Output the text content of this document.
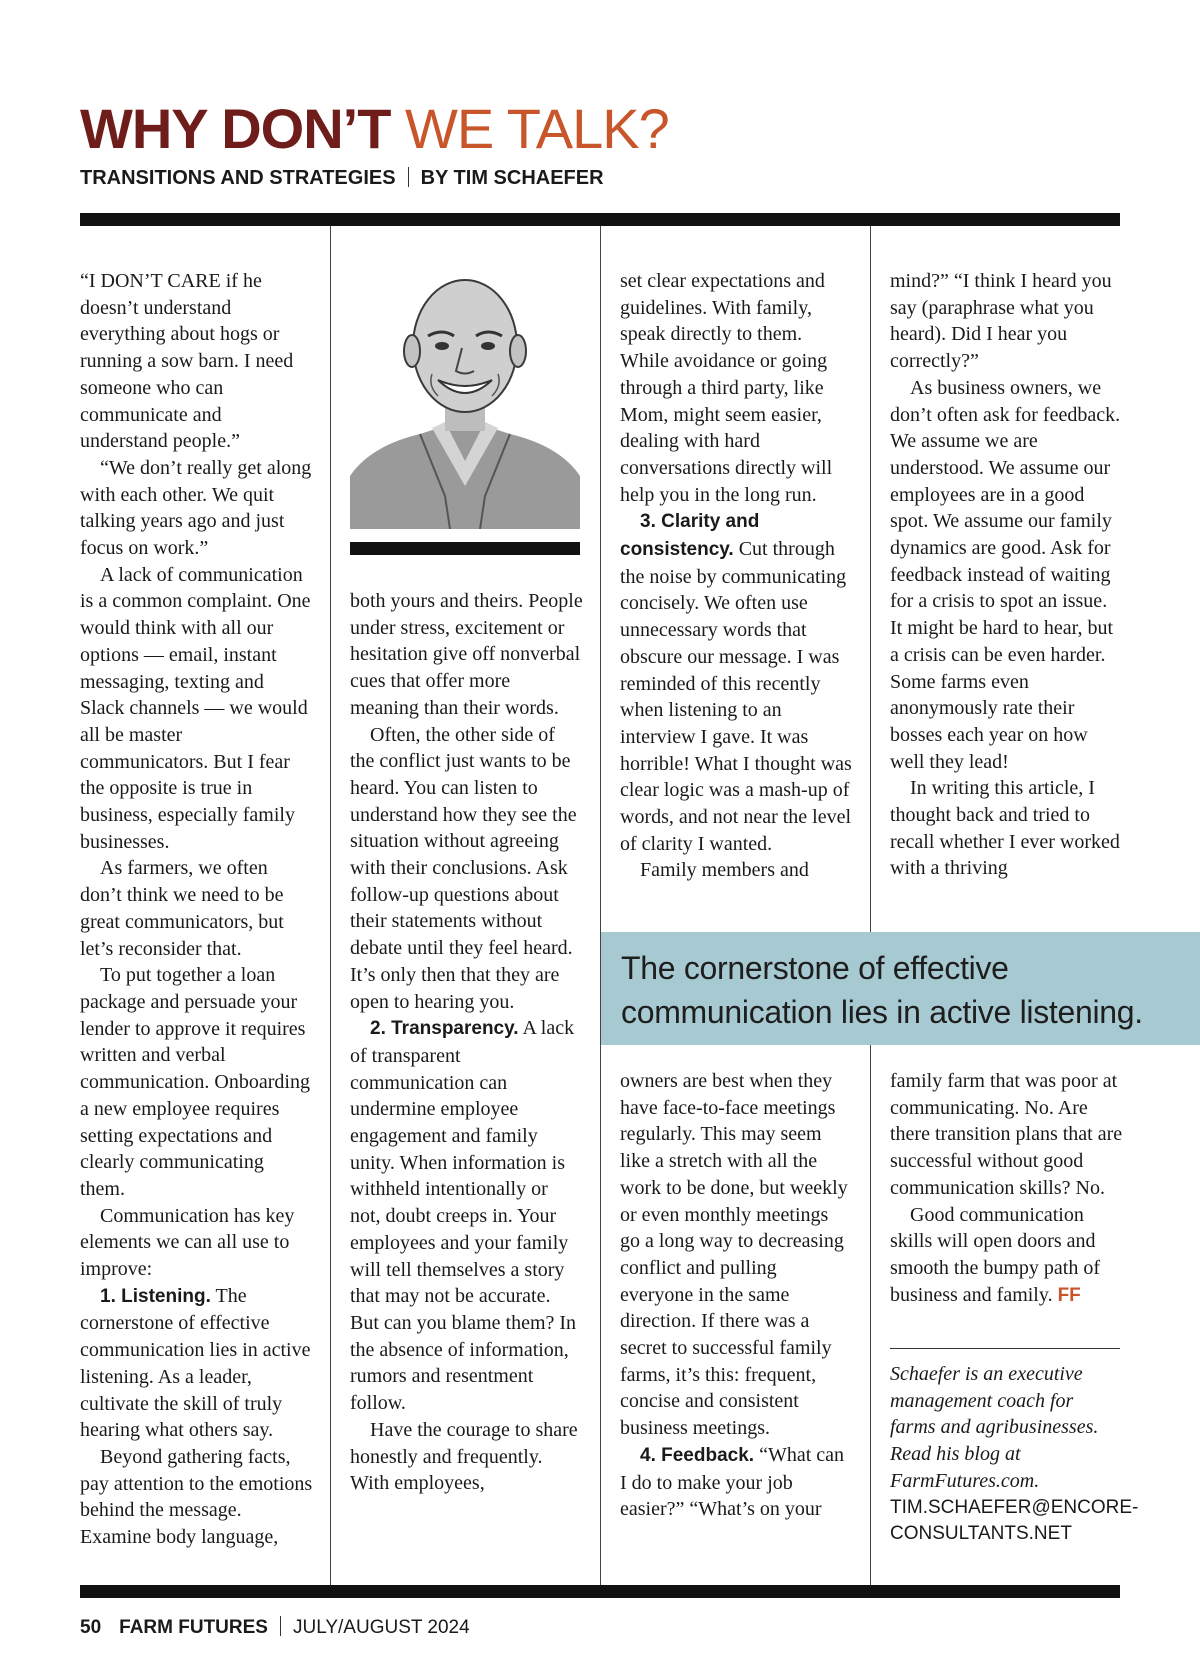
WHY DON’T WE TALK?
TRANSITIONS AND STRATEGIES BY TIM SCHAEFER

“I DON’T CARE if he doesn’t understand everything about hogs or running a sow barn. I need someone who can communicate and understand people.”

“We don’t really get along with each other. We quit talking years ago and just focus on work.”

A lack of communication is a common complaint. One would think with all our options — email, instant messaging, texting and Slack channels — we would all be master communicators. But I fear the opposite is true in business, especially family businesses.

As farmers, we often don’t think we need to be great communicators, but let’s reconsider that.

To put together a loan package and persuade your lender to approve it requires written and verbal communication. Onboarding a new employee requires setting expectations and clearly communicating them.

Communication has key elements we can all use to improve:

1. Listening. The cornerstone of effective communication lies in active listening. As a leader, cultivate the skill of truly hearing what others say.

Beyond gathering facts, pay attention to the emotions behind the message. Examine body language,

both yours and theirs. People under stress, excitement or hesitation give off nonverbal cues that offer more meaning than their words.

Often, the other side of the conflict just wants to be heard. You can listen to understand how they see the situation without agreeing with their conclusions. Ask follow-up questions about their statements without debate until they feel heard. It’s only then that they are open to hearing you.

2. Transparency. A lack of transparent communication can undermine employee engagement and family unity. When information is withheld intentionally or not, doubt creeps in. Your employees and your family will tell themselves a story that may not be accurate. But can you blame them? In the absence of information, rumors and resentment follow.

Have the courage to share honestly and frequently. With employees,

set clear expectations and guidelines. With family, speak directly to them. While avoidance or going through a third party, like Mom, might seem easier, dealing with hard conversations directly will help you in the long run.

3. Clarity and consistency. Cut through the noise by communicating concisely. We often use unnecessary words that obscure our message. I was reminded of this recently when listening to an interview I gave. It was horrible! What I thought was clear logic was a mash-up of words, and not near the level of clarity I wanted.

Family members and

mind?” “I think I heard you say (paraphrase what you heard). Did I hear you correctly?”

As business owners, we don’t often ask for feedback. We assume we are understood. We assume our employees are in a good spot. We assume our family dynamics are good. Ask for feedback instead of waiting for a crisis to spot an issue. It might be hard to hear, but a crisis can be even harder. Some farms even anonymously rate their bosses each year on how well they lead!

In writing this article, I thought back and tried to recall whether I ever worked with a thriving

The cornerstone of effective communication lies in active listening.

owners are best when they have face-to-face meetings regularly. This may seem like a stretch with all the work to be done, but weekly or even monthly meetings go a long way to decreasing conflict and pulling everyone in the same direction. If there was a secret to successful family farms, it’s this: frequent, concise and consistent business meetings.

4. Feedback. “What can I do to make your job easier?” “What’s on your

family farm that was poor at communicating. No. Are there transition plans that are successful without good communication skills? No.

Good communication skills will open doors and smooth the bumpy path of business and family. FF

Schaefer is an executive management coach for farms and agribusinesses. Read his blog at FarmFutures.com.

TIM.SCHAEFER@ENCORE-CONSULTANTS.NET

50 FARM FUTURES JULY/AUGUST 2024
